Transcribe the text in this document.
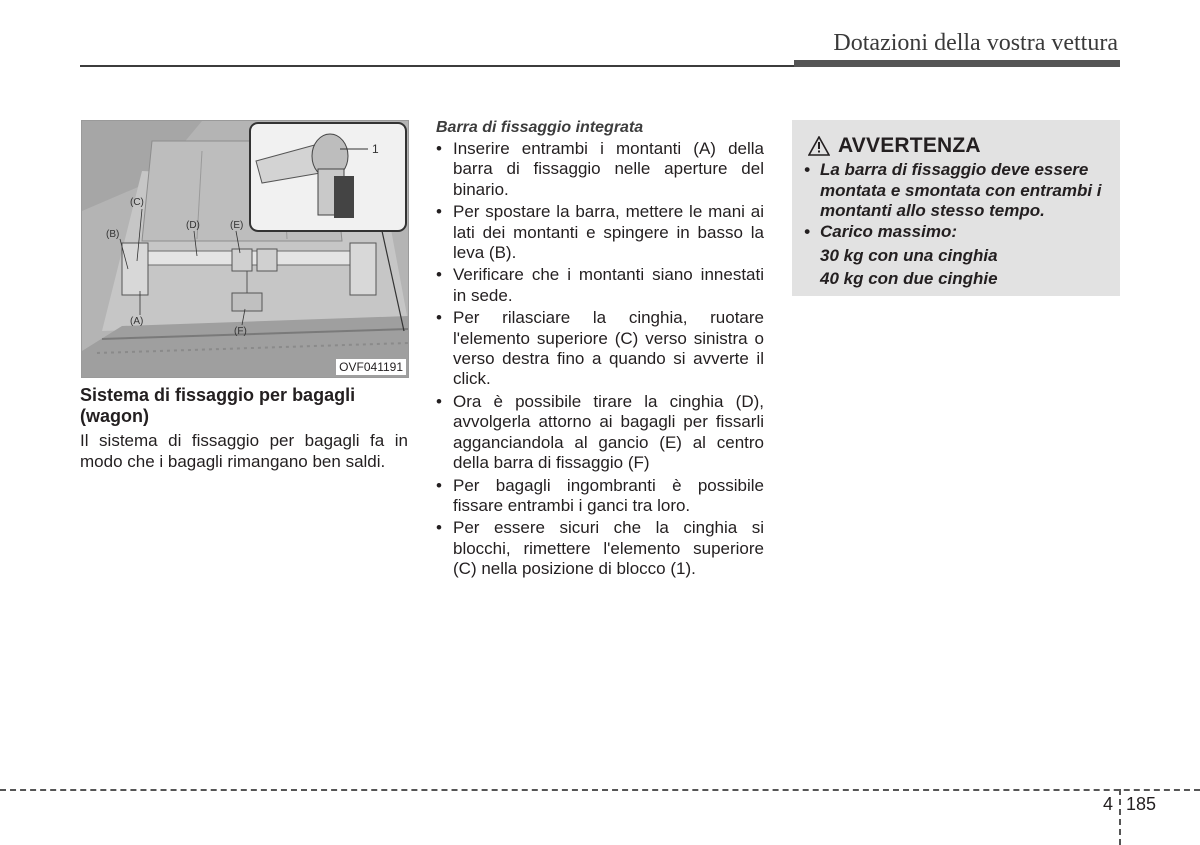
Dotazioni della vostra vettura
(C)
(B)
(D)	(E)
(A)
(F)
1
OVF041191
Sistema di fissaggio per bagagli (wagon)
Il sistema di fissaggio per bagagli fa in modo che i bagagli rimangano ben saldi.
Barra di fissaggio integrata
• Inserire entrambi i montanti (A) della barra di fissaggio nelle aperture del binario.
• Per spostare la barra, mettere le mani ai lati dei montanti e spingere in basso la leva (B).
• Verificare che i montanti siano innestati in sede.
• Per rilasciare la cinghia, ruotare l'elemento superiore (C) verso sinistra o verso destra fino a quando si avverte il click.
• Ora è possibile tirare la cinghia (D), avvolgerla attorno ai bagagli per fissarli agganciandola al gancio (E) al centro della barra di fissaggio (F)
• Per bagagli ingombranti è possibile fissare entrambi i ganci tra loro.
• Per essere sicuri che la cinghia si blocchi, rimettere l'elemento superiore (C) nella posizione di blocco (1).
AVVERTENZA
• La barra di fissaggio deve essere montata e smontata con entrambi i montanti allo stesso tempo.
• Carico massimo:
30 kg con una cinghia
40 kg con due cinghie
4 185
